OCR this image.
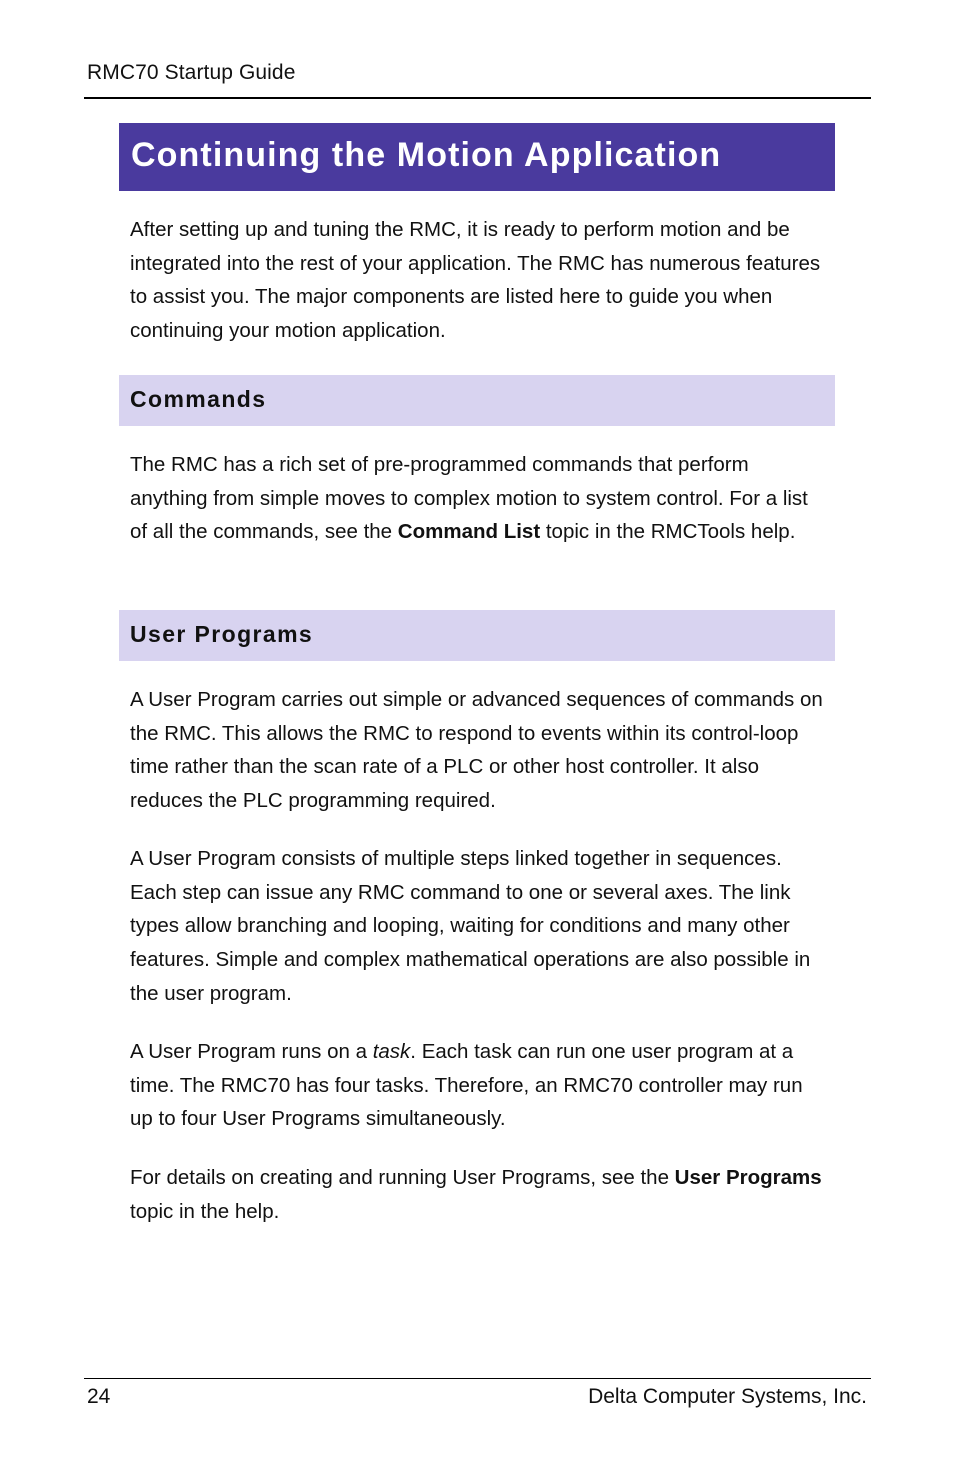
RMC70 Startup Guide
Continuing the Motion Application

After setting up and tuning the RMC, it is ready to perform motion and be integrated into the rest of your application. The RMC has numerous features to assist you. The major components are listed here to guide you when continuing your motion application.

Commands

The RMC has a rich set of pre-programmed commands that perform anything from simple moves to complex motion to system control. For a list of all the commands, see the Command List topic in the RMCTools help.

User Programs

A User Program carries out simple or advanced sequences of commands on the RMC. This allows the RMC to respond to events within its control-loop time rather than the scan rate of a PLC or other host controller. It also reduces the PLC programming required.

A User Program consists of multiple steps linked together in sequences. Each step can issue any RMC command to one or several axes. The link types allow branching and looping, waiting for conditions and many other features. Simple and complex mathematical operations are also possible in the user program.

A User Program runs on a task. Each task can run one user program at a time. The RMC70 has four tasks. Therefore, an RMC70 controller may run up to four User Programs simultaneously.

For details on creating and running User Programs, see the User Programs topic in the help.

24	Delta Computer Systems, Inc.
